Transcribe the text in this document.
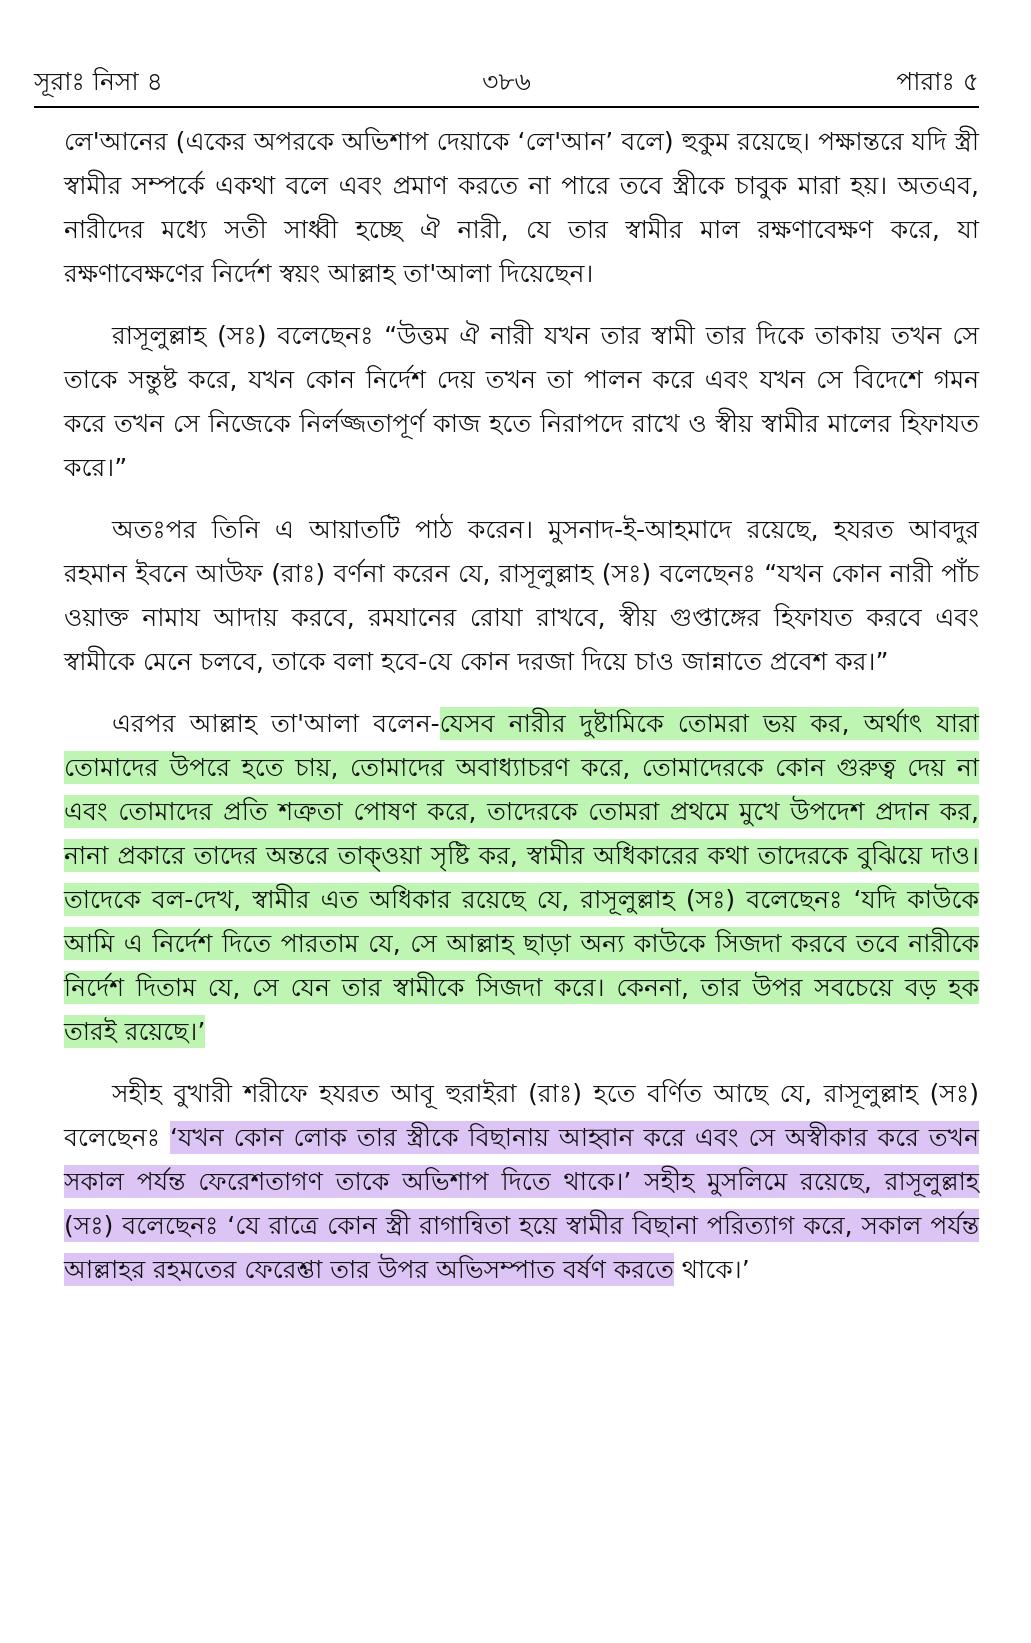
সূরাঃ নিসা ৪	৩৮৬	পারাঃ ৫

লে'আনের (একের অপরকে অভিশাপ দেয়াকে ‘লে'আন’ বলে) হুকুম রয়েছে। পক্ষান্তরে যদি স্ত্রী স্বামীর সম্পর্কে একথা বলে এবং প্রমাণ করতে না পারে তবে স্ত্রীকে চাবুক মারা হয়। অতএব, নারীদের মধ্যে সতী সাধ্বী হচ্ছে ঐ নারী, যে তার স্বামীর মাল রক্ষণাবেক্ষণ করে, যা রক্ষণাবেক্ষণের নির্দেশ স্বয়ং আল্লাহ তা'আলা দিয়েছেন।

রাসূলুল্লাহ (সঃ) বলেছেনঃ “উত্তম ঐ নারী যখন তার স্বামী তার দিকে তাকায় তখন সে তাকে সন্তুষ্ট করে, যখন কোন নির্দেশ দেয় তখন তা পালন করে এবং যখন সে বিদেশে গমন করে তখন সে নিজেকে নির্লজ্জতাপূর্ণ কাজ হতে নিরাপদে রাখে ও স্বীয় স্বামীর মালের হিফাযত করে।”

অতঃপর তিনি এ আয়াতটি পাঠ করেন। মুসনাদ-ই-আহমাদে রয়েছে, হযরত আবদুর রহমান ইবনে আউফ (রাঃ) বর্ণনা করেন যে, রাসূলুল্লাহ (সঃ) বলেছেনঃ “যখন কোন নারী পাঁচ ওয়াক্ত নামায আদায় করবে, রমযানের রোযা রাখবে, স্বীয় গুপ্তাঙ্গের হিফাযত করবে এবং স্বামীকে মেনে চলবে, তাকে বলা হবে-যে কোন দরজা দিয়ে চাও জান্নাতে প্রবেশ কর।”

এরপর আল্লাহ তা'আলা বলেন-যেসব নারীর দুষ্টামিকে তোমরা ভয় কর, অর্থাৎ যারা তোমাদের উপরে হতে চায়, তোমাদের অবাধ্যাচরণ করে, তোমাদেরকে কোন গুরুত্ব দেয় না এবং তোমাদের প্রতি শত্রুতা পোষণ করে, তাদেরকে তোমরা প্রথমে মুখে উপদেশ প্রদান কর, নানা প্রকারে তাদের অন্তরে তাক্ওয়া সৃষ্টি কর, স্বামীর অধিকারের কথা তাদেরকে বুঝিয়ে দাও। তাদেকে বল-দেখ, স্বামীর এত অধিকার রয়েছে যে, রাসূলুল্লাহ (সঃ) বলেছেনঃ ‘যদি কাউকে আমি এ নির্দেশ দিতে পারতাম যে, সে আল্লাহ ছাড়া অন্য কাউকে সিজদা করবে তবে নারীকে নির্দেশ দিতাম যে, সে যেন তার স্বামীকে সিজদা করে। কেননা, তার উপর সবচেয়ে বড় হক তারই রয়েছে।’

সহীহ বুখারী শরীফে হযরত আবূ হুরাইরা (রাঃ) হতে বর্ণিত আছে যে, রাসূলুল্লাহ (সঃ) বলেছেনঃ ‘যখন কোন লোক তার স্ত্রীকে বিছানায় আহ্বান করে এবং সে অস্বীকার করে তখন সকাল পর্যন্ত ফেরেশতাগণ তাকে অভিশাপ দিতে থাকে।’ সহীহ মুসলিমে রয়েছে, রাসূলুল্লাহ (সঃ) বলেছেনঃ ‘যে রাত্রে কোন স্ত্রী রাগান্বিতা হয়ে স্বামীর বিছানা পরিত্যাগ করে, সকাল পর্যন্ত আল্লাহর রহমতের ফেরেশ্তা তার উপর অভিসম্পাত বর্ষণ করতে থাকে।’
